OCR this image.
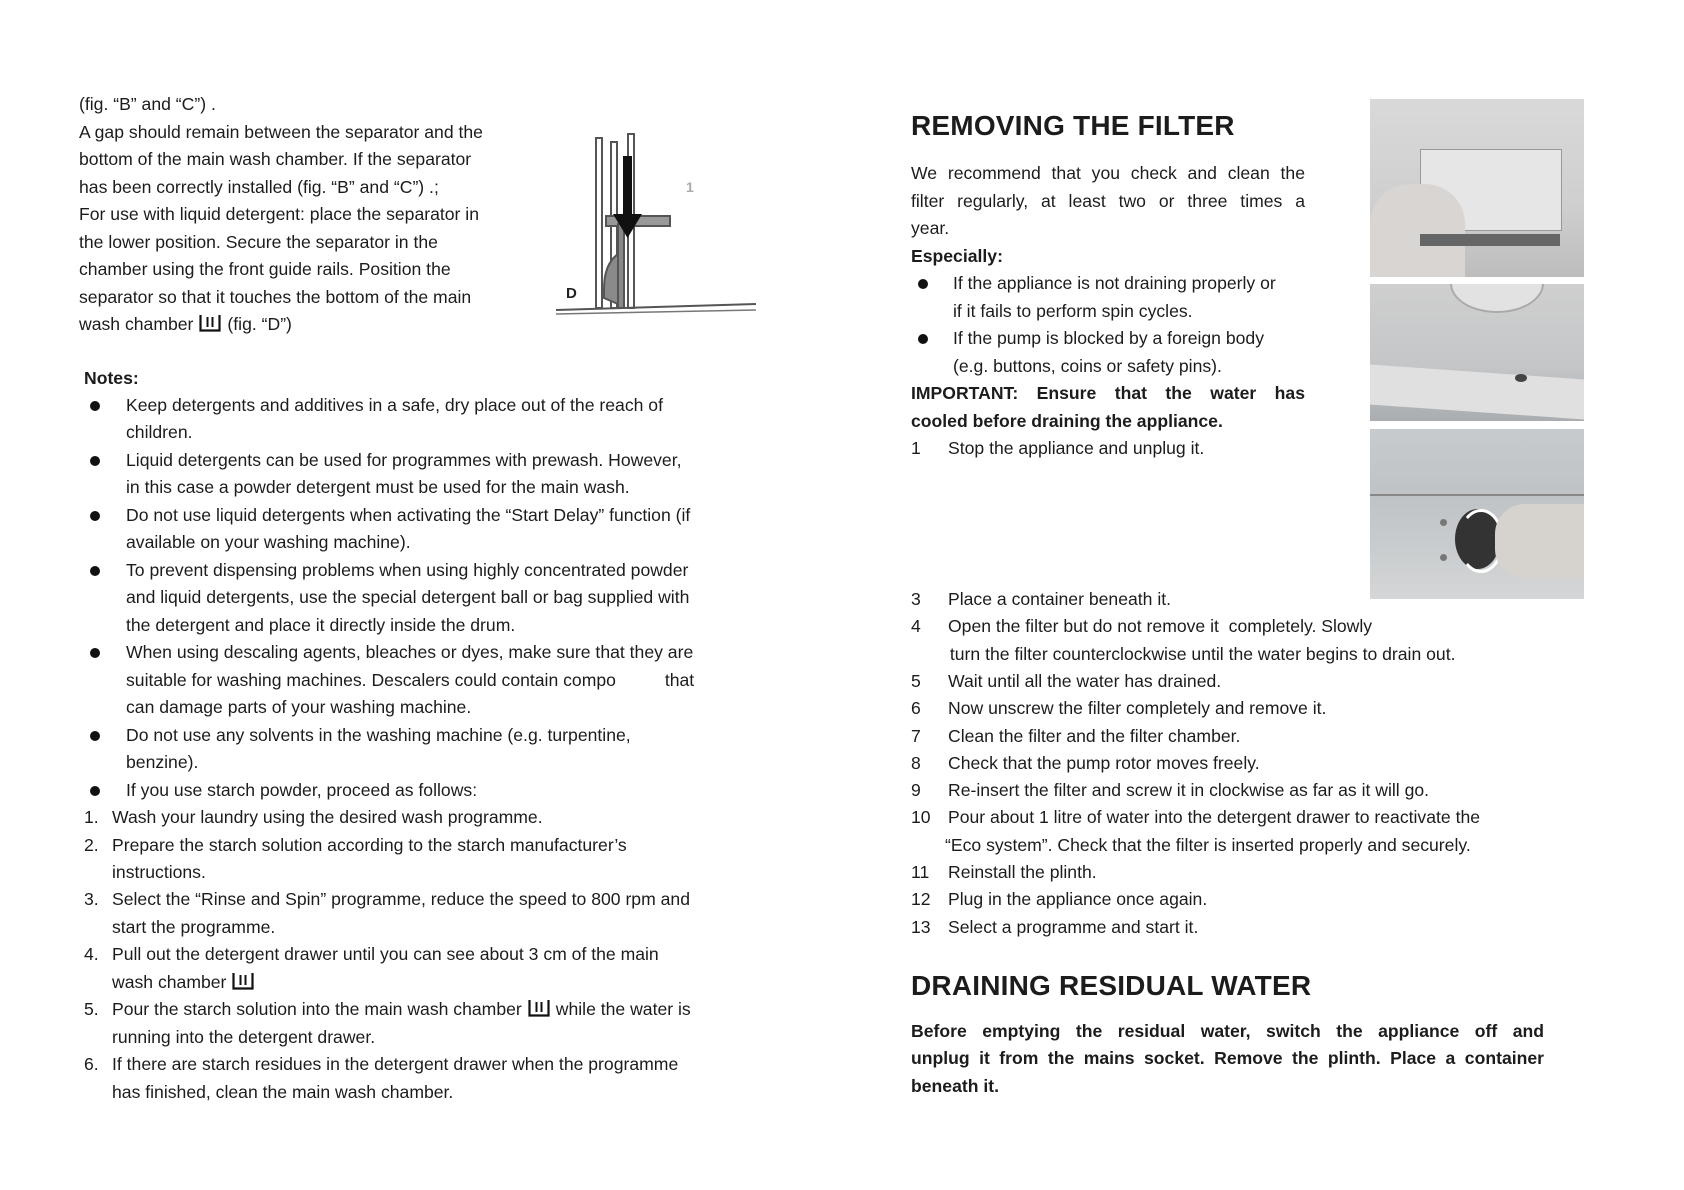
1
D
(fig. “B” and “C”) .
A gap should remain between the separator and the
bottom of the main wash chamber. If the separator
has been correctly installed (fig. “B” and “C”) .;
For use with liquid detergent: place the separator in
the lower position. Secure the separator in the
chamber using the front guide rails. Position the
separator so that it touches the bottom of the main
wash chamber (fig. “D”)
Notes:
Keep detergents and additives in a safe, dry place out of the reach of
children.
Liquid detergents can be used for programmes with prewash. However,
in this case a powder detergent must be used for the main wash.
Do not use liquid detergents when activating the “Start Delay” function (if
available on your washing machine).
To prevent dispensing problems when using highly concentrated powder
and liquid detergents, use the special detergent ball or bag supplied with
the detergent and place it directly inside the drum.
When using descaling agents, bleaches or dyes, make sure that they are
suitable for washing machines. Descalers could contain compo          that
can damage parts of your washing machine.
Do not use any solvents in the washing machine (e.g. turpentine,
benzine).
If you use starch powder, proceed as follows:
1. Wash your laundry using the desired wash programme.
2. Prepare the starch solution according to the starch manufacturer’s
instructions.
3. Select the “Rinse and Spin” programme, reduce the speed to 800 rpm and
start the programme.
4. Pull out the detergent drawer until you can see about 3 cm of the main
wash chamber
5. Pour the starch solution into the main wash chamber while the water is
running into the detergent drawer.
6. If there are starch residues in the detergent drawer when the programme
has finished, clean the main wash chamber.
REMOVING THE FILTER
We recommend that you check and clean the
filter regularly, at least two or three times a
year.
Especially:
If the appliance is not draining properly or
if it fails to perform spin cycles.
If the pump is blocked by a foreign body
(e.g. buttons, coins or safety pins).
IMPORTANT: Ensure that the water has
cooled before draining the appliance.
1 Stop the appliance and unplug it.
3 Place a container beneath it.
4 Open the filter but do not remove it  completely. Slowly
turn the filter counterclockwise until the water begins to drain out.
5 Wait until all the water has drained.
6 Now unscrew the filter completely and remove it.
7 Clean the filter and the filter chamber.
8 Check that the pump rotor moves freely.
9 Re-insert the filter and screw it in clockwise as far as it will go.
10 Pour about 1 litre of water into the detergent drawer to reactivate the
“Eco system”. Check that the filter is inserted properly and securely.
11 Reinstall the plinth.
12 Plug in the appliance once again.
13 Select a programme and start it.
DRAINING RESIDUAL WATER
Before emptying the residual water, switch the appliance off and
unplug it from the mains socket. Remove the plinth. Place a container
beneath it.
